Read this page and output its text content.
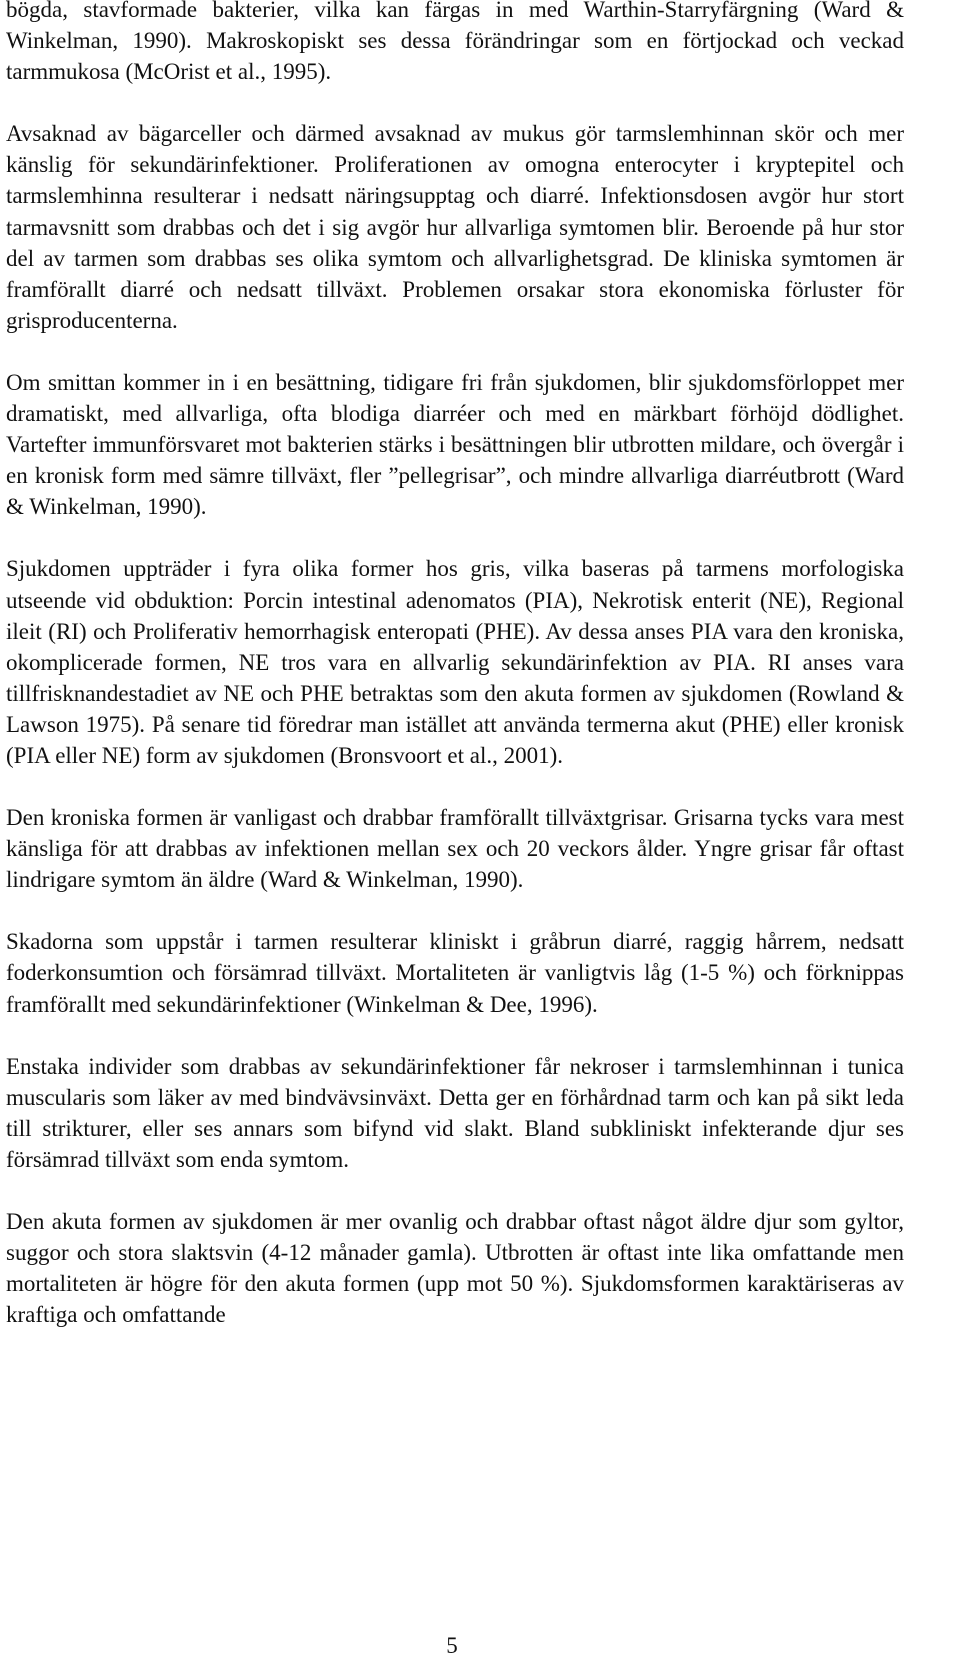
bögda, stavformade bakterier, vilka kan färgas in med Warthin-Starryfärgning (Ward & Winkelman, 1990). Makroskopiskt ses dessa förändringar som en förtjockad och veckad tarmmukosa (McOrist et al., 1995).

Avsaknad av bägarceller och därmed avsaknad av mukus gör tarmslemhinnan skör och mer känslig för sekundärinfektioner. Proliferationen av omogna enterocyter i kryptepitel och tarmslemhinna resulterar i nedsatt näringsupptag och diarré. Infektionsdosen avgör hur stort tarmavsnitt som drabbas och det i sig avgör hur allvarliga symtomen blir. Beroende på hur stor del av tarmen som drabbas ses olika symtom och allvarlighetsgrad. De kliniska symtomen är framförallt diarré och nedsatt tillväxt. Problemen orsakar stora ekonomiska förluster för grisproducenterna.

Om smittan kommer in i en besättning, tidigare fri från sjukdomen, blir sjukdomsförloppet mer dramatiskt, med allvarliga, ofta blodiga diarréer och med en märkbart förhöjd dödlighet. Vartefter immunförsvaret mot bakterien stärks i besättningen blir utbrotten mildare, och övergår i en kronisk form med sämre tillväxt, fler ”pellegrisar”, och mindre allvarliga diarréutbrott (Ward & Winkelman, 1990).

Sjukdomen uppträder i fyra olika former hos gris, vilka baseras på tarmens morfologiska utseende vid obduktion: Porcin intestinal adenomatos (PIA), Nekrotisk enterit (NE), Regional ileit (RI) och Proliferativ hemorrhagisk enteropati (PHE). Av dessa anses PIA vara den kroniska, okomplicerade formen, NE tros vara en allvarlig sekundärinfektion av PIA. RI anses vara tillfrisknandestadiet av NE och PHE betraktas som den akuta formen av sjukdomen (Rowland & Lawson 1975). På senare tid föredrar man istället att använda termerna akut (PHE) eller kronisk (PIA eller NE) form av sjukdomen (Bronsvoort et al., 2001).

Den kroniska formen är vanligast och drabbar framförallt tillväxtgrisar. Grisarna tycks vara mest känsliga för att drabbas av infektionen mellan sex och 20 veckors ålder. Yngre grisar får oftast lindrigare symtom än äldre (Ward & Winkelman, 1990).

Skadorna som uppstår i tarmen resulterar kliniskt i gråbrun diarré, raggig hårrem, nedsatt foderkonsumtion och försämrad tillväxt. Mortaliteten är vanligtvis låg (1-5 %) och förknippas framförallt med sekundärinfektioner (Winkelman & Dee, 1996).

Enstaka individer som drabbas av sekundärinfektioner får nekroser i tarmslemhinnan i tunica muscularis som läker av med bindvävsinväxt. Detta ger en förhårdnad tarm och kan på sikt leda till strikturer, eller ses annars som bifynd vid slakt. Bland subkliniskt infekterande djur ses försämrad tillväxt som enda symtom.

Den akuta formen av sjukdomen är mer ovanlig och drabbar oftast något äldre djur som gyltor, suggor och stora slaktsvin (4-12 månader gamla). Utbrotten är oftast inte lika omfattande men mortaliteten är högre för den akuta formen (upp mot 50 %). Sjukdomsformen karaktäriseras av kraftiga och omfattande

5
